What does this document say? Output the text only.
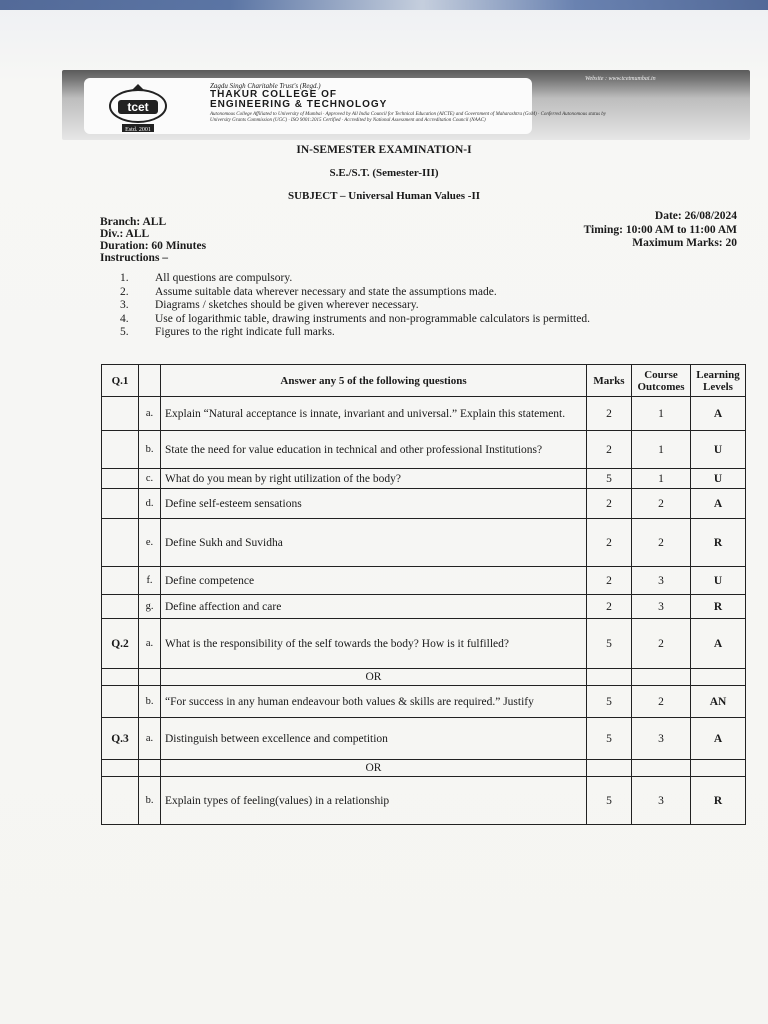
tcet
Estd. 2001
Zagdu Singh Charitable Trust's (Regd.)
THAKUR COLLEGE OF
ENGINEERING & TECHNOLOGY
Autonomous College Affiliated to University of Mumbai · Approved by All India Council for Technical Education (AICTE) and Government of Maharashtra (GoM) · Conferred Autonomous status by University Grants Commission (UGC) · ISO 9001:2015 Certified · Accredited by National Assessment and Accreditation Council (NAAC)
Website : www.tcetmumbai.in
IN-SEMESTER EXAMINATION-I
S.E./S.T. (Semester-III)
SUBJECT – Universal Human Values -II
Branch: ALL
Div.: ALL
Duration: 60 Minutes
Instructions –
Date: 26/08/2024
Timing: 10:00 AM to 11:00 AM
Maximum Marks: 20
1.	All questions are compulsory.
2.	Assume suitable data wherever necessary and state the assumptions made.
3.	Diagrams / sketches should be given wherever necessary.
4.	Use of logarithmic table, drawing instruments and non-programmable calculators is permitted.
5.	Figures to the right indicate full marks.
Q.1		Answer any 5 of the following questions	Marks	Course Outcomes	Learning Levels
	a.	Explain “Natural acceptance is innate, invariant and universal.” Explain this statement.	2	1	A
	b.	State the need for value education in technical and other professional Institutions?	2	1	U
	c.	What do you mean by right utilization of the body?	5	1	U
	d.	Define self-esteem sensations	2	2	A
	e.	Define Sukh and Suvidha	2	2	R
	f.	Define competence	2	3	U
	g.	Define affection and care	2	3	R
Q.2	a.	What is the responsibility of the self towards the body? How is it fulfilled?	5	2	A
		OR			
	b.	“For success in any human endeavour both values & skills are required.” Justify	5	2	AN
Q.3	a.	Distinguish between excellence and competition	5	3	A
		OR			
	b.	Explain types of feeling(values) in a relationship	5	3	R
